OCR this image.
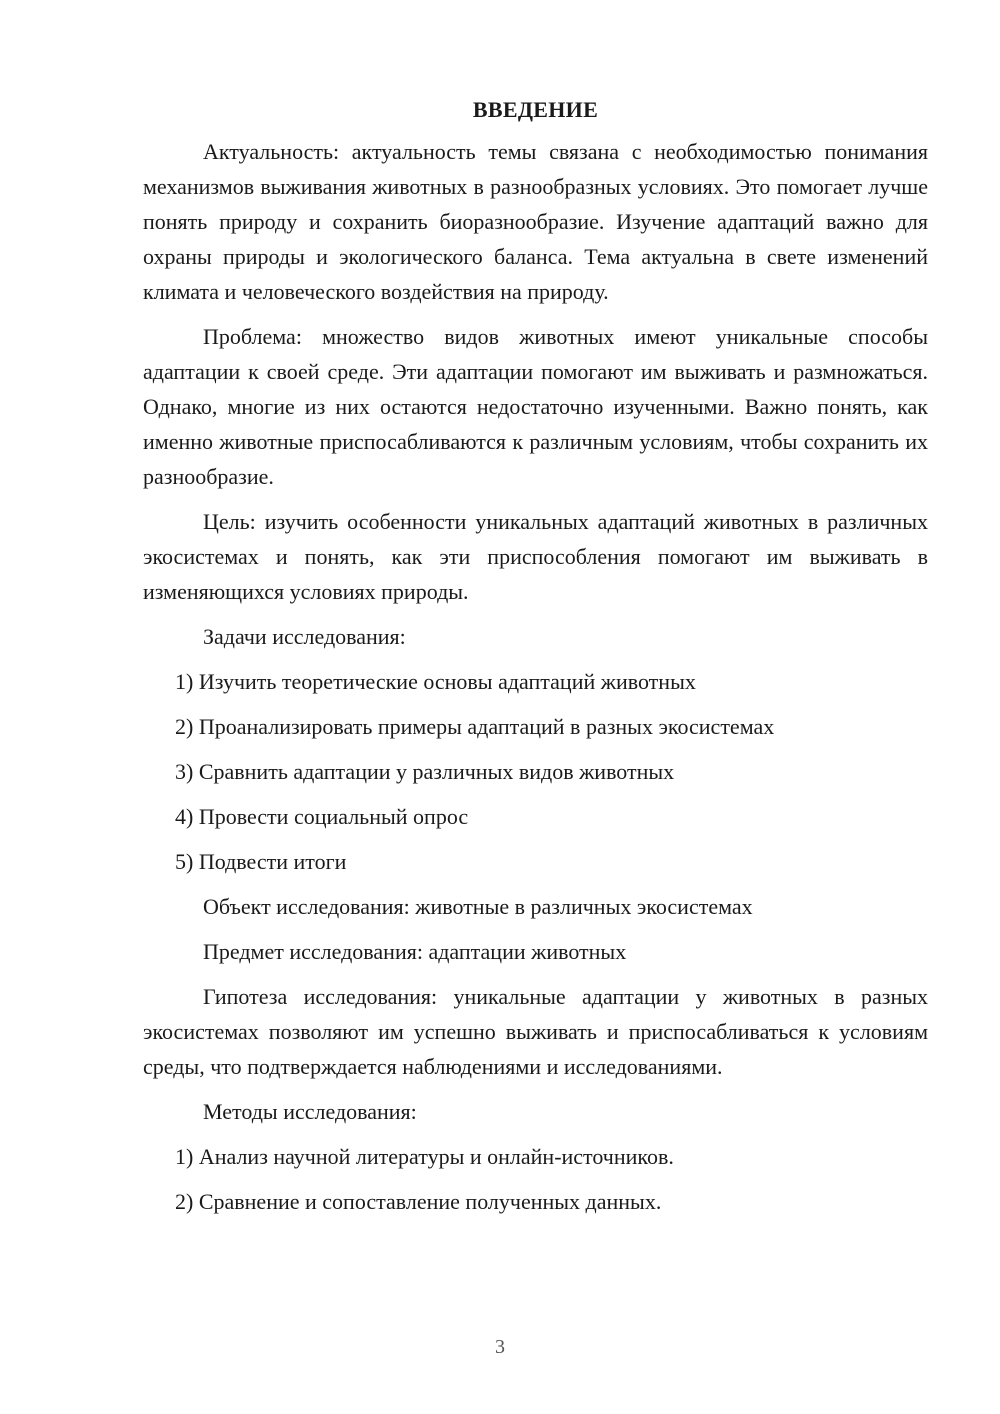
ВВЕДЕНИЕ
Актуальность: актуальность темы связана с необходимостью понимания механизмов выживания животных в разнообразных условиях. Это помогает лучше понять природу и сохранить биоразнообразие. Изучение адаптаций важно для охраны природы и экологического баланса. Тема актуальна в свете изменений климата и человеческого воздействия на природу.
Проблема: множество видов животных имеют уникальные способы адаптации к своей среде. Эти адаптации помогают им выживать и размножаться. Однако, многие из них остаются недостаточно изученными. Важно понять, как именно животные приспосабливаются к различным условиям, чтобы сохранить их разнообразие.
Цель: изучить особенности уникальных адаптаций животных в различных экосистемах и понять, как эти приспособления помогают им выживать в изменяющихся условиях природы.
Задачи исследования:
1) Изучить теоретические основы адаптаций животных
2) Проанализировать примеры адаптаций в разных экосистемах
3) Сравнить адаптации у различных видов животных
4) Провести социальный опрос
5) Подвести итоги
Объект исследования: животные в различных экосистемах
Предмет исследования: адаптации животных
Гипотеза исследования: уникальные адаптации у животных в разных экосистемах позволяют им успешно выживать и приспосабливаться к условиям среды, что подтверждается наблюдениями и исследованиями.
Методы исследования:
1) Анализ научной литературы и онлайн-источников.
2) Сравнение и сопоставление полученных данных.
3
